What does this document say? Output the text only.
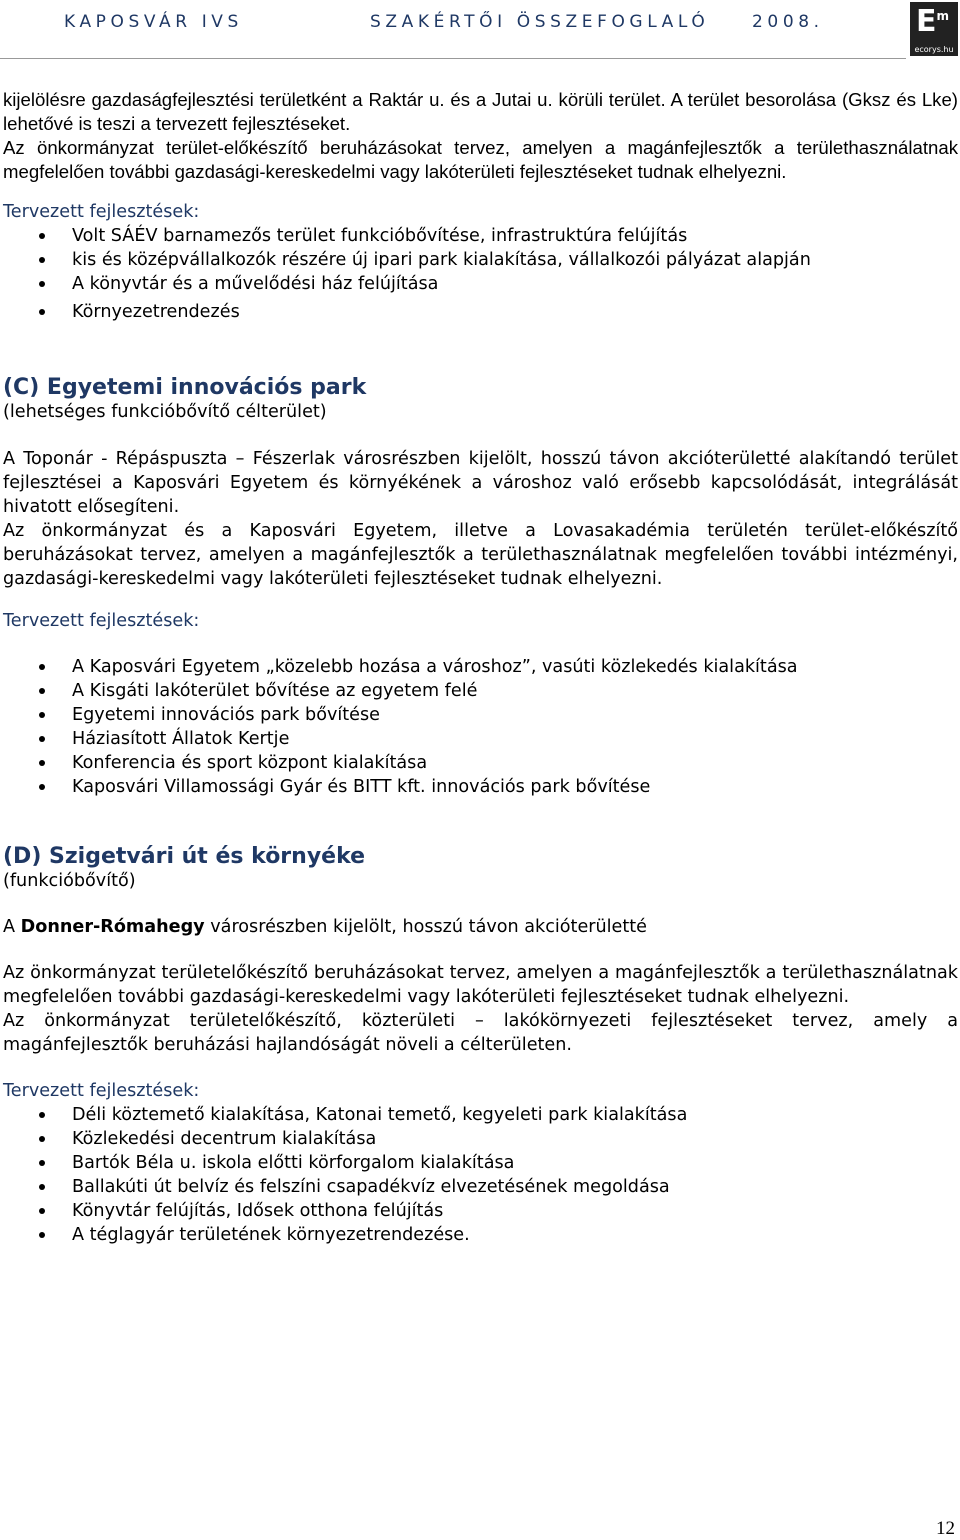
KAPOSVÁR IVS	SZAKÉRTŐI ÖSSZEFOGLALÓ	2008.	$E^m$
ecorys.hu

kijelölésre gazdaságfejlesztési területként a Raktár u. és a Jutai u. körüli terület. A terület besorolása (Gksz és Lke) lehetővé is teszi a tervezett fejlesztéseket.

Az önkormányzat terület-előkészítő beruházásokat tervez, amelyen a magánfejlesztők a területhasználatnak megfelelően további gazdasági-kereskedelmi vagy lakóterületi fejlesztéseket tudnak elhelyezni.

Tervezett fejlesztések:

Volt SÁÉV barnamezős terület funkcióbővítése, infrastruktúra felújítás
kis és középvállalkozók részére új ipari park kialakítása, vállalkozói pályázat alapján
A könyvtár és a művelődési ház felújítása
Környezetrendezés

(C) Egyetemi innovációs park

(lehetséges funkcióbővítő célterület)

A Toponár - Répáspuszta – Fészerlak városrészben kijelölt, hosszú távon akcióterületté alakítandó terület fejlesztései a Kaposvári Egyetem és környékének a városhoz való erősebb kapcsolódását, integrálását hivatott elősegíteni.

Az önkormányzat és a Kaposvári Egyetem, illetve a Lovasakadémia területén terület-előkészítő beruházásokat tervez, amelyen a magánfejlesztők a területhasználatnak megfelelően további intézményi, gazdasági-kereskedelmi vagy lakóterületi fejlesztéseket tudnak elhelyezni.

Tervezett fejlesztések:

A Kaposvári Egyetem „közelebb hozása a városhoz”, vasúti közlekedés kialakítása
A Kisgáti lakóterület bővítése az egyetem felé
Egyetemi innovációs park bővítése
Háziasított Állatok Kertje
Konferencia és sport központ kialakítása
Kaposvári Villamossági Gyár és BITT kft. innovációs park bővítése

(D) Szigetvári út és környéke

(funkcióbővítő)

A Donner-Rómahegy városrészben kijelölt, hosszú távon akcióterületté

Az önkormányzat területelőkészítő beruházásokat tervez, amelyen a magánfejlesztők a területhasználatnak megfelelően további gazdasági-kereskedelmi vagy lakóterületi fejlesztéseket tudnak elhelyezni.

Az önkormányzat területelőkészítő, közterületi – lakókörnyezeti fejlesztéseket tervez, amely a magánfejlesztők beruházási hajlandóságát növeli a célterületen.

Tervezett fejlesztések:

Déli köztemető kialakítása, Katonai temető, kegyeleti park kialakítása
Közlekedési decentrum kialakítása
Bartók Béla u. iskola előtti körforgalom kialakítása
Ballakúti út belvíz és felszíni csapadékvíz elvezetésének megoldása
Könyvtár felújítás, Idősek otthona felújítás
A téglagyár területének környezetrendezése.
12
